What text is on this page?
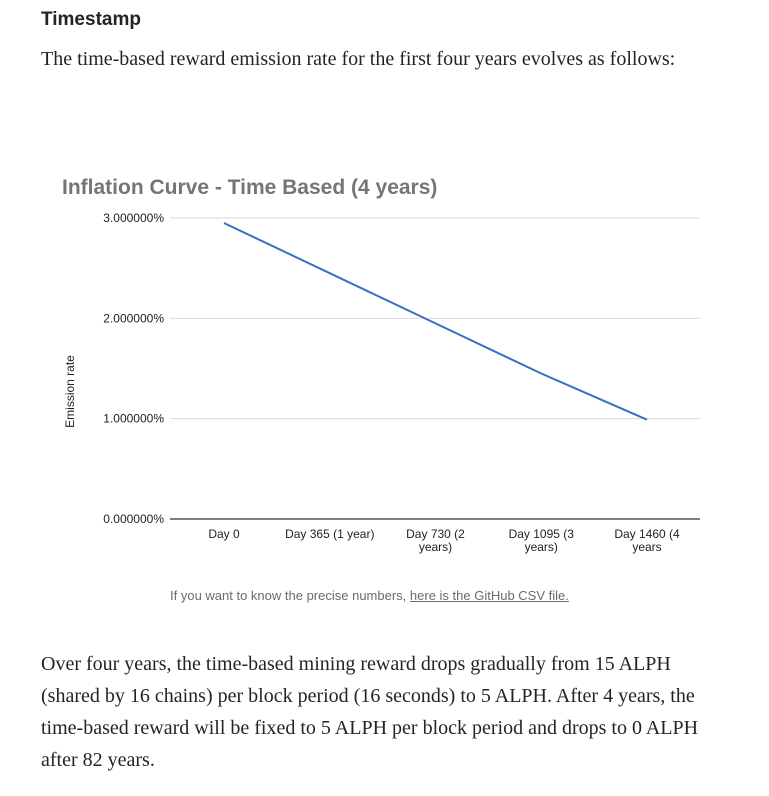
Timestamp
The time-based reward emission rate for the first four years evolves as follows:
Inflation Curve - Time Based (4 years)
0.000000%
1.000000%
2.000000%
3.000000%
Emission rate
Day 0	Day 365 (1 year)	Day 730 (2 years)
Day 1095 (3 years)
Day 1460 (4 years
If you want to know the precise numbers, here is the GitHub CSV file.
Over four years, the time-based mining reward drops gradually from 15 ALPH (shared by 16 chains) per block period (16 seconds) to 5 ALPH. After 4 years, the time-based reward will be fixed to 5 ALPH per block period and drops to 0 ALPH after 82 years.
